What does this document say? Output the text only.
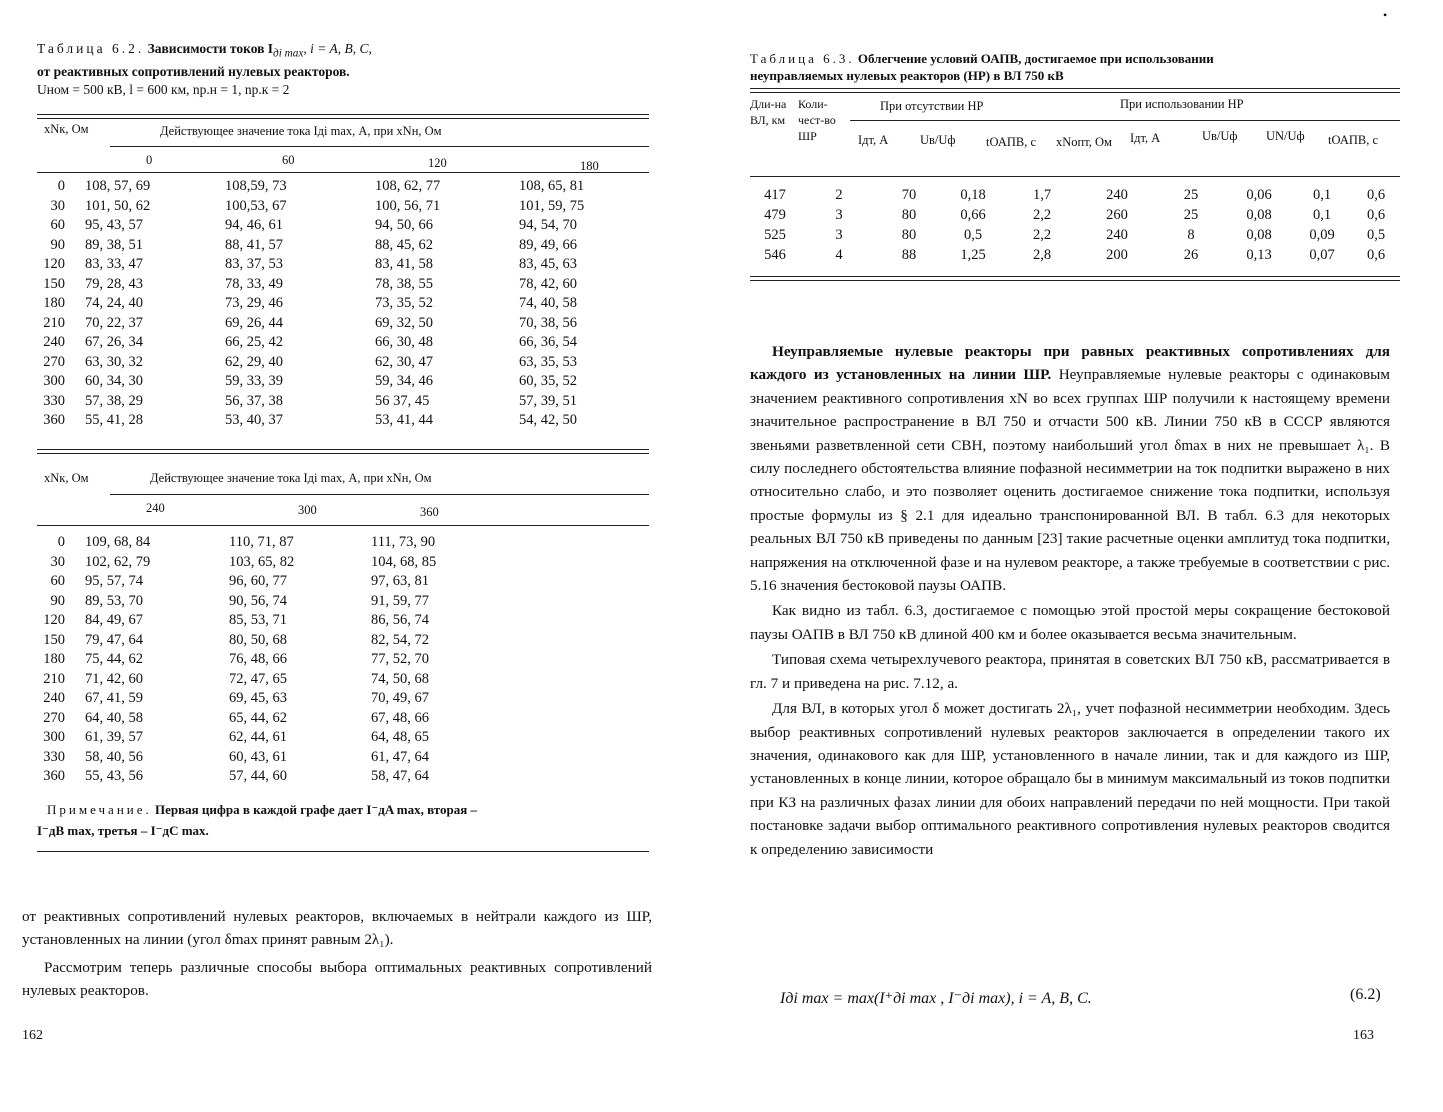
Таблица 6.2. Зависимости токов $I_{дi max}$, i = A, B, C,
от реактивных сопротивлений нулевых реакторов.
Uном = 500 кВ, l = 600 км, nр.н = 1, nр.к = 2
xNк, Ом	Действующее значение тока Iдi max, А, при xNн, Ом
0	60	120	180
0	108, 57, 69	108,59, 73	108, 62, 77	108, 65, 81
30	101, 50, 62	100,53, 67	100, 56, 71	101, 59, 75
60	95, 43, 57	94, 46, 61	94, 50, 66	94, 54, 70
90	89, 38, 51	88, 41, 57	88, 45, 62	89, 49, 66
120	83, 33, 47	83, 37, 53	83, 41, 58	83, 45, 63
150	79, 28, 43	78, 33, 49	78, 38, 55	78, 42, 60
180	74, 24, 40	73, 29, 46	73, 35, 52	74, 40, 58
210	70, 22, 37	69, 26, 44	69, 32, 50	70, 38, 56
240	67, 26, 34	66, 25, 42	66, 30, 48	66, 36, 54
270	63, 30, 32	62, 29, 40	62, 30, 47	63, 35, 53
300	60, 34, 30	59, 33, 39	59, 34, 46	60, 35, 52
330	57, 38, 29	56, 37, 38	56 37, 45	57, 39, 51
360	55, 41, 28	53, 40, 37	53, 41, 44	54, 42, 50
xNк, Ом	Действующее значение тока Iдi max, А, при xNн, Ом
240	300	360
0	109, 68, 84	110, 71, 87	111, 73, 90
30	102, 62, 79	103, 65, 82	104, 68, 85
60	95, 57, 74	96, 60, 77	97, 63, 81
90	89, 53, 70	90, 56, 74	91, 59, 77
120	84, 49, 67	85, 53, 71	86, 56, 74
150	79, 47, 64	80, 50, 68	82, 54, 72
180	75, 44, 62	76, 48, 66	77, 52, 70
210	71, 42, 60	72, 47, 65	74, 50, 68
240	67, 41, 59	69, 45, 63	70, 49, 67
270	64, 40, 58	65, 44, 62	67, 48, 66
300	61, 39, 57	62, 44, 61	64, 48, 65
330	58, 40, 56	60, 43, 61	61, 47, 64
360	55, 43, 56	57, 44, 60	58, 47, 64
Примечание. Первая цифра в каждой графе дает I⁻дA max, вторая –
I⁻дB max, третья – I⁻дC max.

от реактивных сопротивлений нулевых реакторов, включаемых в нейтрали каждого из ШР, установленных на линии (угол δmax принят равным 2λ₁).

Рассмотрим теперь различные способы выбора оптимальных реактивных сопротивлений нулевых реакторов.

162
•
Таблица 6.3. Облегчение условий ОАПВ, достигаемое при использовании
неуправляемых нулевых реакторов (НР) в ВЛ 750 кВ
Дли-на ВЛ, км
Коли-чест-во ШР
При отсутствии НР	При использовании НР
Iдт, А	Uв/Uф tОАПВ, с	xNопт, Ом	Iдт, А	Uв/Uф UN/Uф tОАПВ, с
417	2	70	0,18	1,7	240	25	0,06	0,1	0,6
479	3	80	0,66	2,2	260	25	0,08	0,1	0,6
525	3	80	0,5	2,2	240	8	0,08	0,09	0,5
546	4	88	1,25	2,8	200	26	0,13	0,07	0,6

Неуправляемые нулевые реакторы при равных реактивных сопротивлениях для каждого из установленных на линии ШР. Неуправляемые нулевые реакторы с одинаковым значением реактивного сопротивления xN во всех группах ШР получили к настоящему времени значительное распространение в ВЛ 750 и отчасти 500 кВ. Линии 750 кВ в СССР являются звеньями разветвленной сети СВН, поэтому наибольший угол δmax в них не превышает λ₁. В силу последнего обстоятельства влияние пофазной несимметрии на ток подпитки выражено в них относительно слабо, и это позволяет оценить достигаемое снижение тока подпитки, используя простые формулы из § 2.1 для идеально транспонированной ВЛ. В табл. 6.3 для некоторых реальных ВЛ 750 кВ приведены по данным [23] такие расчетные оценки амплитуд тока подпитки, напряжения на отключенной фазе и на нулевом реакторе, а также требуемые в соответствии с рис. 5.16 значения бестоковой паузы ОАПВ.

Как видно из табл. 6.3, достигаемое с помощью этой простой меры сокращение бестоковой паузы ОАПВ в ВЛ 750 кВ длиной 400 км и более оказывается весьма значительным.

Типовая схема четырехлучевого реактора, принятая в советских ВЛ 750 кВ, рассматривается в гл. 7 и приведена на рис. 7.12, а.

Для ВЛ, в которых угол δ может достигать 2λ₁, учет пофазной несимметрии необходим. Здесь выбор реактивных сопротивлений нулевых реакторов заключается в определении такого их значения, одинакового как для ШР, установленного в начале линии, так и для каждого из ШР, установленных в конце линии, которое обращало бы в минимум максимальный из токов подпитки при КЗ на различных фазах линии для обоих направлений передачи по ней мощности. При такой постановке задачи выбор оптимального реактивного сопротивления нулевых реакторов сводится к определению зависимости

Iдi max = max(I⁺дi max , I⁻дi max), i = A, B, C.	(6.2)
163
